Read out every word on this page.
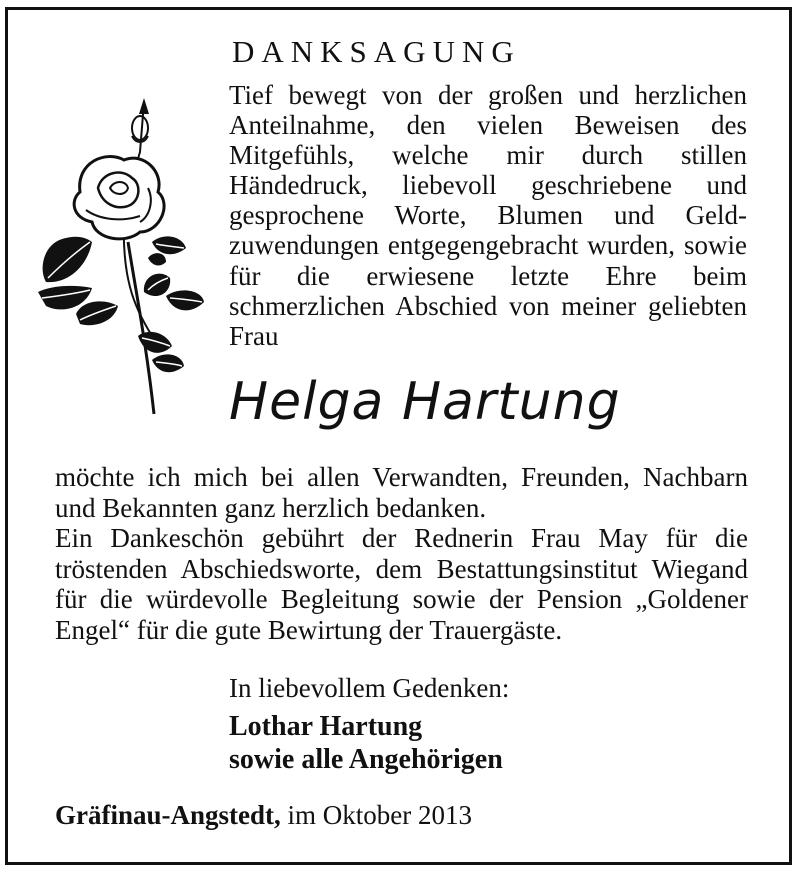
DANKSAGUNG

Tief bewegt von der großen und herzlichen Anteilnahme, den vielen Beweisen des Mitgefühls, welche mir durch stillen Händedruck, liebevoll geschriebene und gesprochene Worte, Blumen und Geld- zuwendungen entgegengebracht wurden, sowie für die erwiesene letzte Ehre beim schmerzlichen Abschied von meiner geliebten Frau

Helga Hartung

möchte ich mich bei allen Verwandten, Freunden, Nachbarn und Bekannten ganz herzlich bedanken.

Ein Dankeschön gebührt der Rednerin Frau May für die tröstenden Abschiedsworte, dem Bestattungsinstitut Wiegand für die würdevolle Begleitung sowie der Pension „Goldener Engel“ für die gute Bewirtung der Trauergäste.

In liebevollem Gedenken:
Lothar Hartung
sowie alle Angehörigen
Gräfinau-Angstedt, im Oktober 2013
